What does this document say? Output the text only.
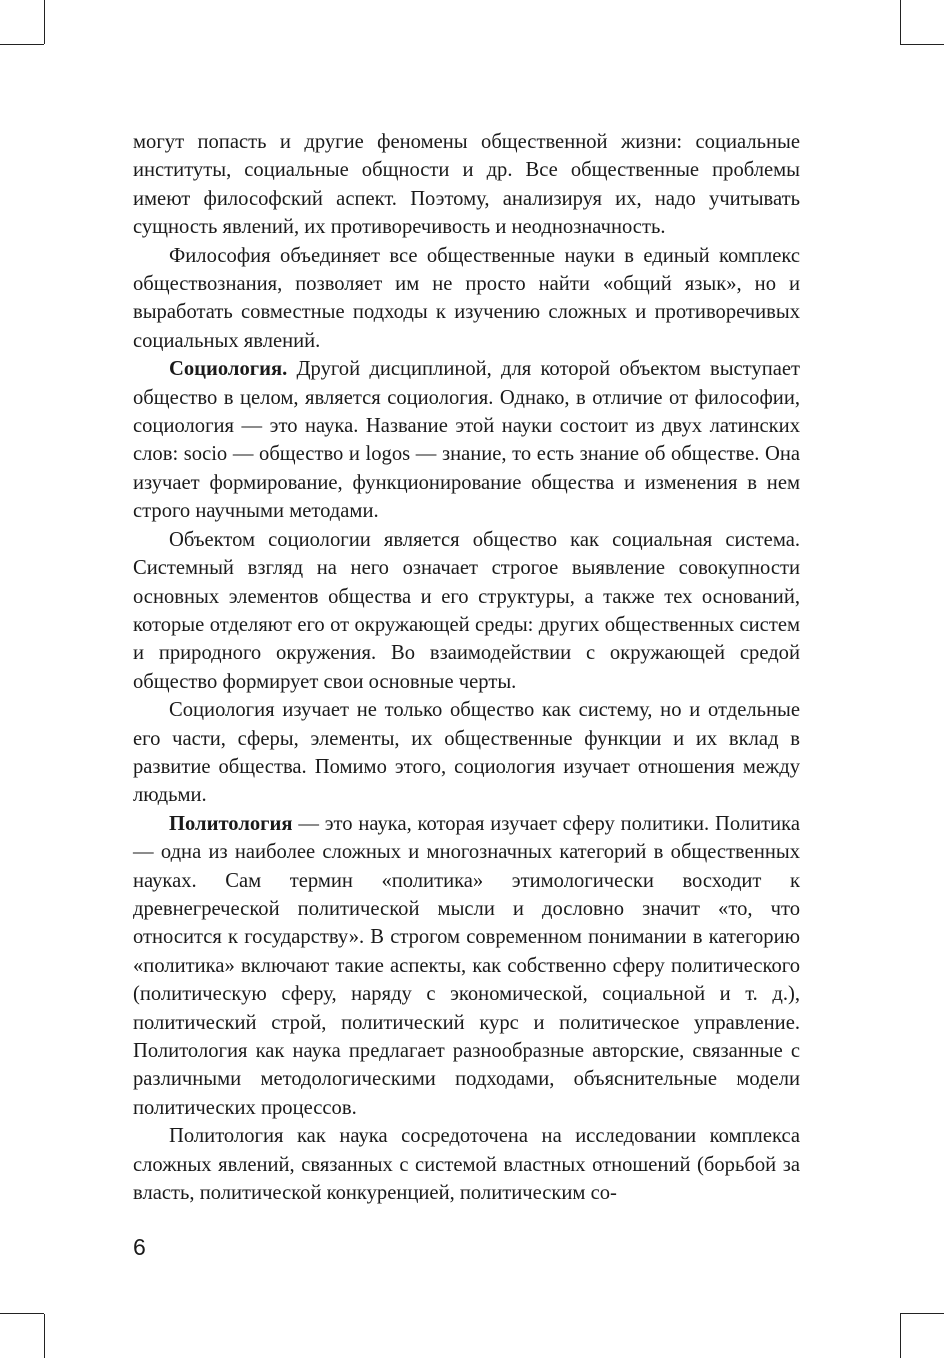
могут попасть и другие феномены общественной жизни: социальные институты, социальные общности и др. Все общественные проблемы имеют философский аспект. Поэтому, анализируя их, надо учитывать сущность явлений, их противоречивость и неоднозначность.

Философия объединяет все общественные науки в единый комплекс обществознания, позволяет им не просто найти «общий язык», но и выработать совместные подходы к изучению сложных и противоречивых социальных явлений.

Социология. Другой дисциплиной, для которой объектом выступает общество в целом, является социология. Однако, в отличие от философии, социология — это наука. Название этой науки состоит из двух латинских слов: socio — общество и logos — знание, то есть знание об обществе. Она изучает формирование, функционирование общества и изменения в нем строго научными методами.

Объектом социологии является общество как социальная система. Системный взгляд на него означает строгое выявление совокупности основных элементов общества и его структуры, а также тех оснований, которые отделяют его от окружающей среды: других общественных систем и природного окружения. Во взаимодействии с окружающей средой общество формирует свои основные черты.

Социология изучает не только общество как систему, но и отдельные его части, сферы, элементы, их общественные функции и их вклад в развитие общества. Помимо этого, социология изучает отношения между людьми.

Политология — это наука, которая изучает сферу политики. Политика — одна из наиболее сложных и многозначных категорий в общественных науках. Сам термин «политика» этимологически восходит к древнегреческой политической мысли и дословно значит «то, что относится к государству». В строгом современном понимании в категорию «политика» включают такие аспекты, как собственно сферу политического (политическую сферу, наряду с экономической, социальной и т. д.), политический строй, политический курс и политическое управление. Политология как наука предлагает разнообразные авторские, связанные с различными методологическими подходами, объяснительные модели политических процессов.

Политология как наука сосредоточена на исследовании комплекса сложных явлений, связанных с системой властных отношений (борьбой за власть, политической конкуренцией, политическим со-

6
